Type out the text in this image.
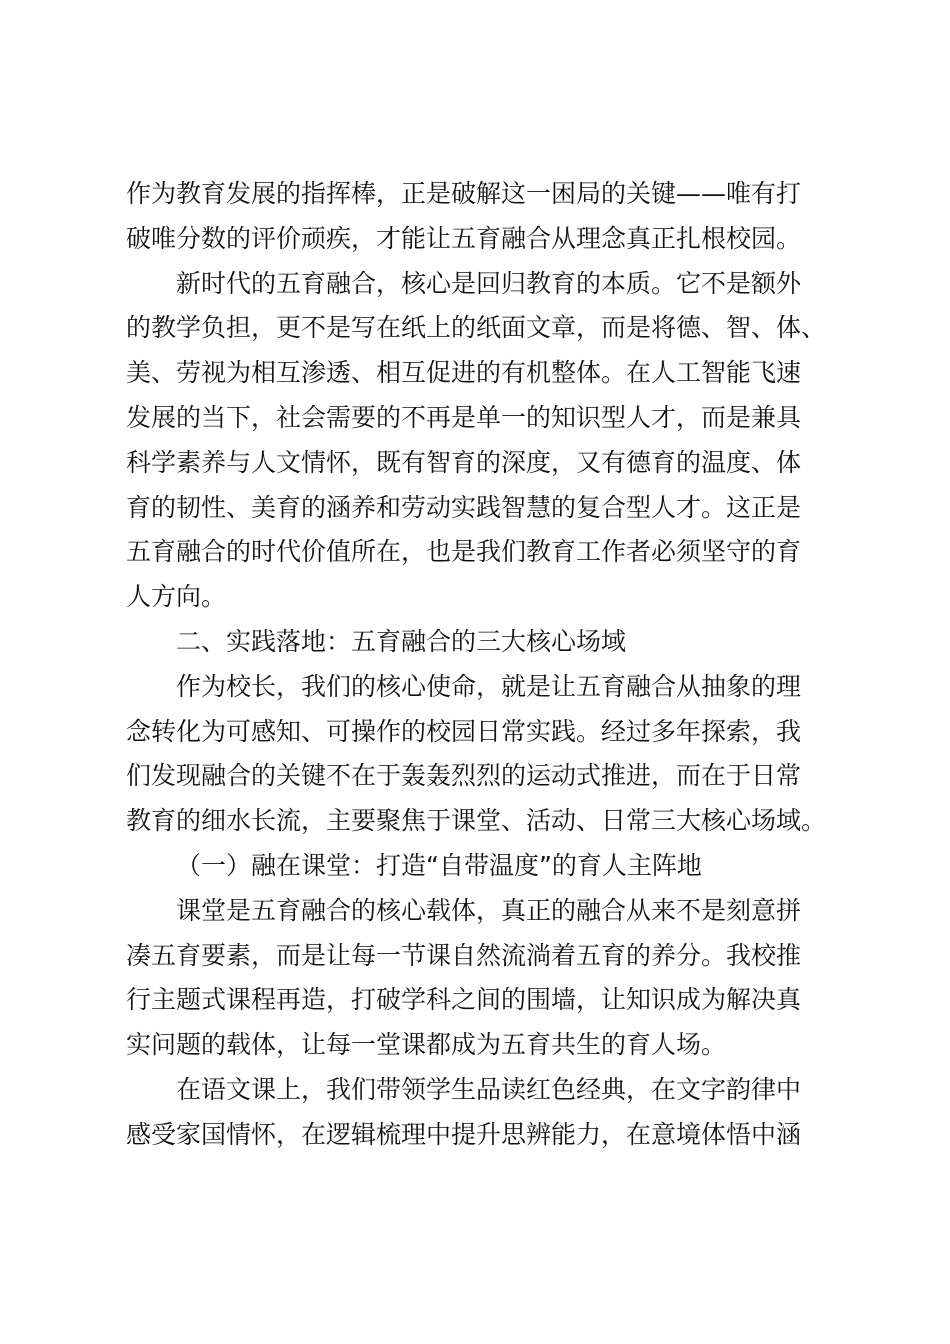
作为教育发展的指挥棒，正是破解这一困局的关键——唯有打
破唯分数的评价顽疾，才能让五育融合从理念真正扎根校园。
新时代的五育融合，核心是回归教育的本质。它不是额外
的教学负担，更不是写在纸上的纸面文章，而是将德、智、体、
美、劳视为相互渗透、相互促进的有机整体。在人工智能飞速
发展的当下，社会需要的不再是单一的知识型人才，而是兼具
科学素养与人文情怀，既有智育的深度，又有德育的温度、体
育的韧性、美育的涵养和劳动实践智慧的复合型人才。这正是
五育融合的时代价值所在，也是我们教育工作者必须坚守的育
人方向。
二、实践落地：五育融合的三大核心场域
作为校长，我们的核心使命，就是让五育融合从抽象的理
念转化为可感知、可操作的校园日常实践。经过多年探索，我
们发现融合的关键不在于轰轰烈烈的运动式推进，而在于日常
教育的细水长流，主要聚焦于课堂、活动、日常三大核心场域。
（一）融在课堂：打造“自带温度”的育人主阵地
课堂是五育融合的核心载体，真正的融合从来不是刻意拼
凑五育要素，而是让每一节课自然流淌着五育的养分。我校推
行主题式课程再造，打破学科之间的围墙，让知识成为解决真
实问题的载体，让每一堂课都成为五育共生的育人场。
在语文课上，我们带领学生品读红色经典，在文字韵律中
感受家国情怀，在逻辑梳理中提升思辨能力，在意境体悟中涵
